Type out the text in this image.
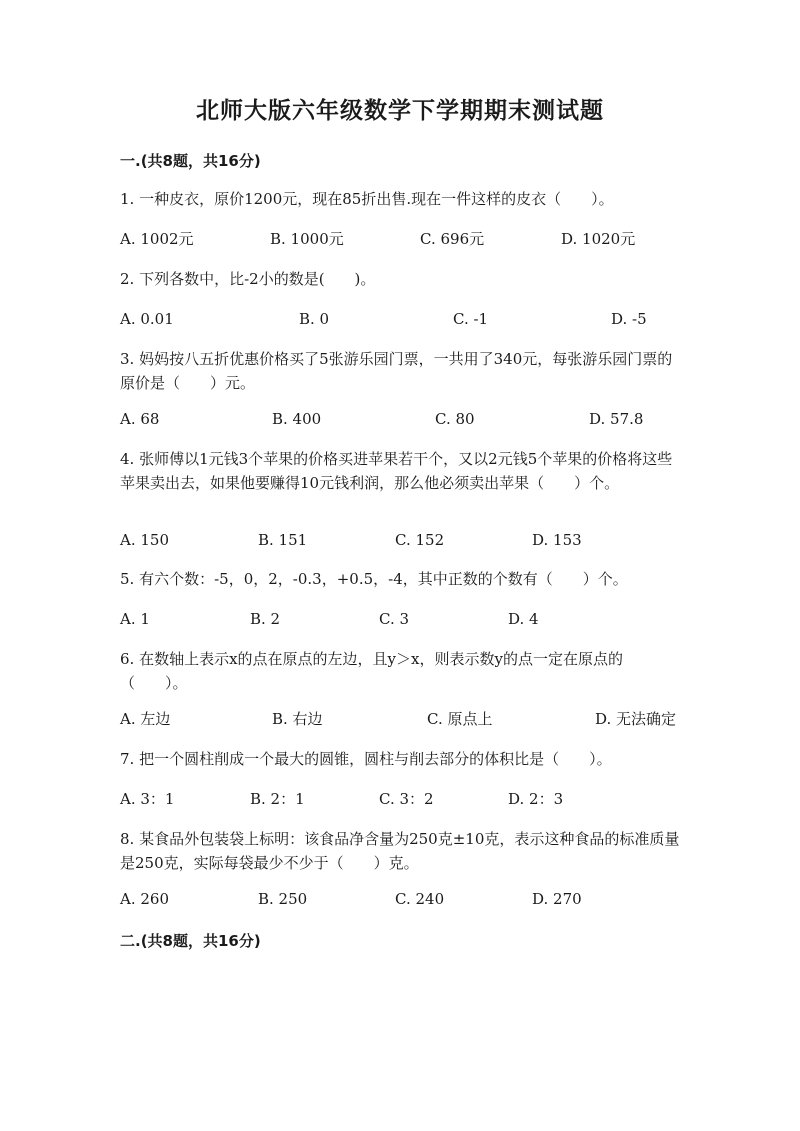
北师大版六年级数学下学期期末测试题
一.(共8题，共16分)
1. 一种皮衣，原价1200元，现在85折出售.现在一件这样的皮衣（　　）。
A. 1002元	B. 1000元	C. 696元	D. 1020元
2. 下列各数中，比-2小的数是(　　)。
A. 0.01	B. 0	C. -1	D. -5
3. 妈妈按八五折优惠价格买了5张游乐园门票，一共用了340元，每张游乐园门票的原价是（　　）元。
A. 68	B. 400	C. 80	D. 57.8
4. 张师傅以1元钱3个苹果的价格买进苹果若干个，又以2元钱5个苹果的价格将这些苹果卖出去，如果他要赚得10元钱利润，那么他必须卖出苹果（　　）个。
A. 150	B. 151	C. 152	D. 153
5. 有六个数：-5，0，2，-0.3，+0.5，-4，其中正数的个数有（　　）个。
A. 1	B. 2	C. 3	D. 4
6. 在数轴上表示x的点在原点的左边，且y＞x，则表示数y的点一定在原点的（　　）。
A. 左边	B. 右边	C. 原点上	D. 无法确定
7. 把一个圆柱削成一个最大的圆锥，圆柱与削去部分的体积比是（　　）。
A. 3：1	B. 2：1	C. 3：2	D. 2：3
8. 某食品外包装袋上标明：该食品净含量为250克±10克，表示这种食品的标准质量是250克，实际每袋最少不少于（　　）克。
A. 260	B. 250	C. 240	D. 270
二.(共8题，共16分)
